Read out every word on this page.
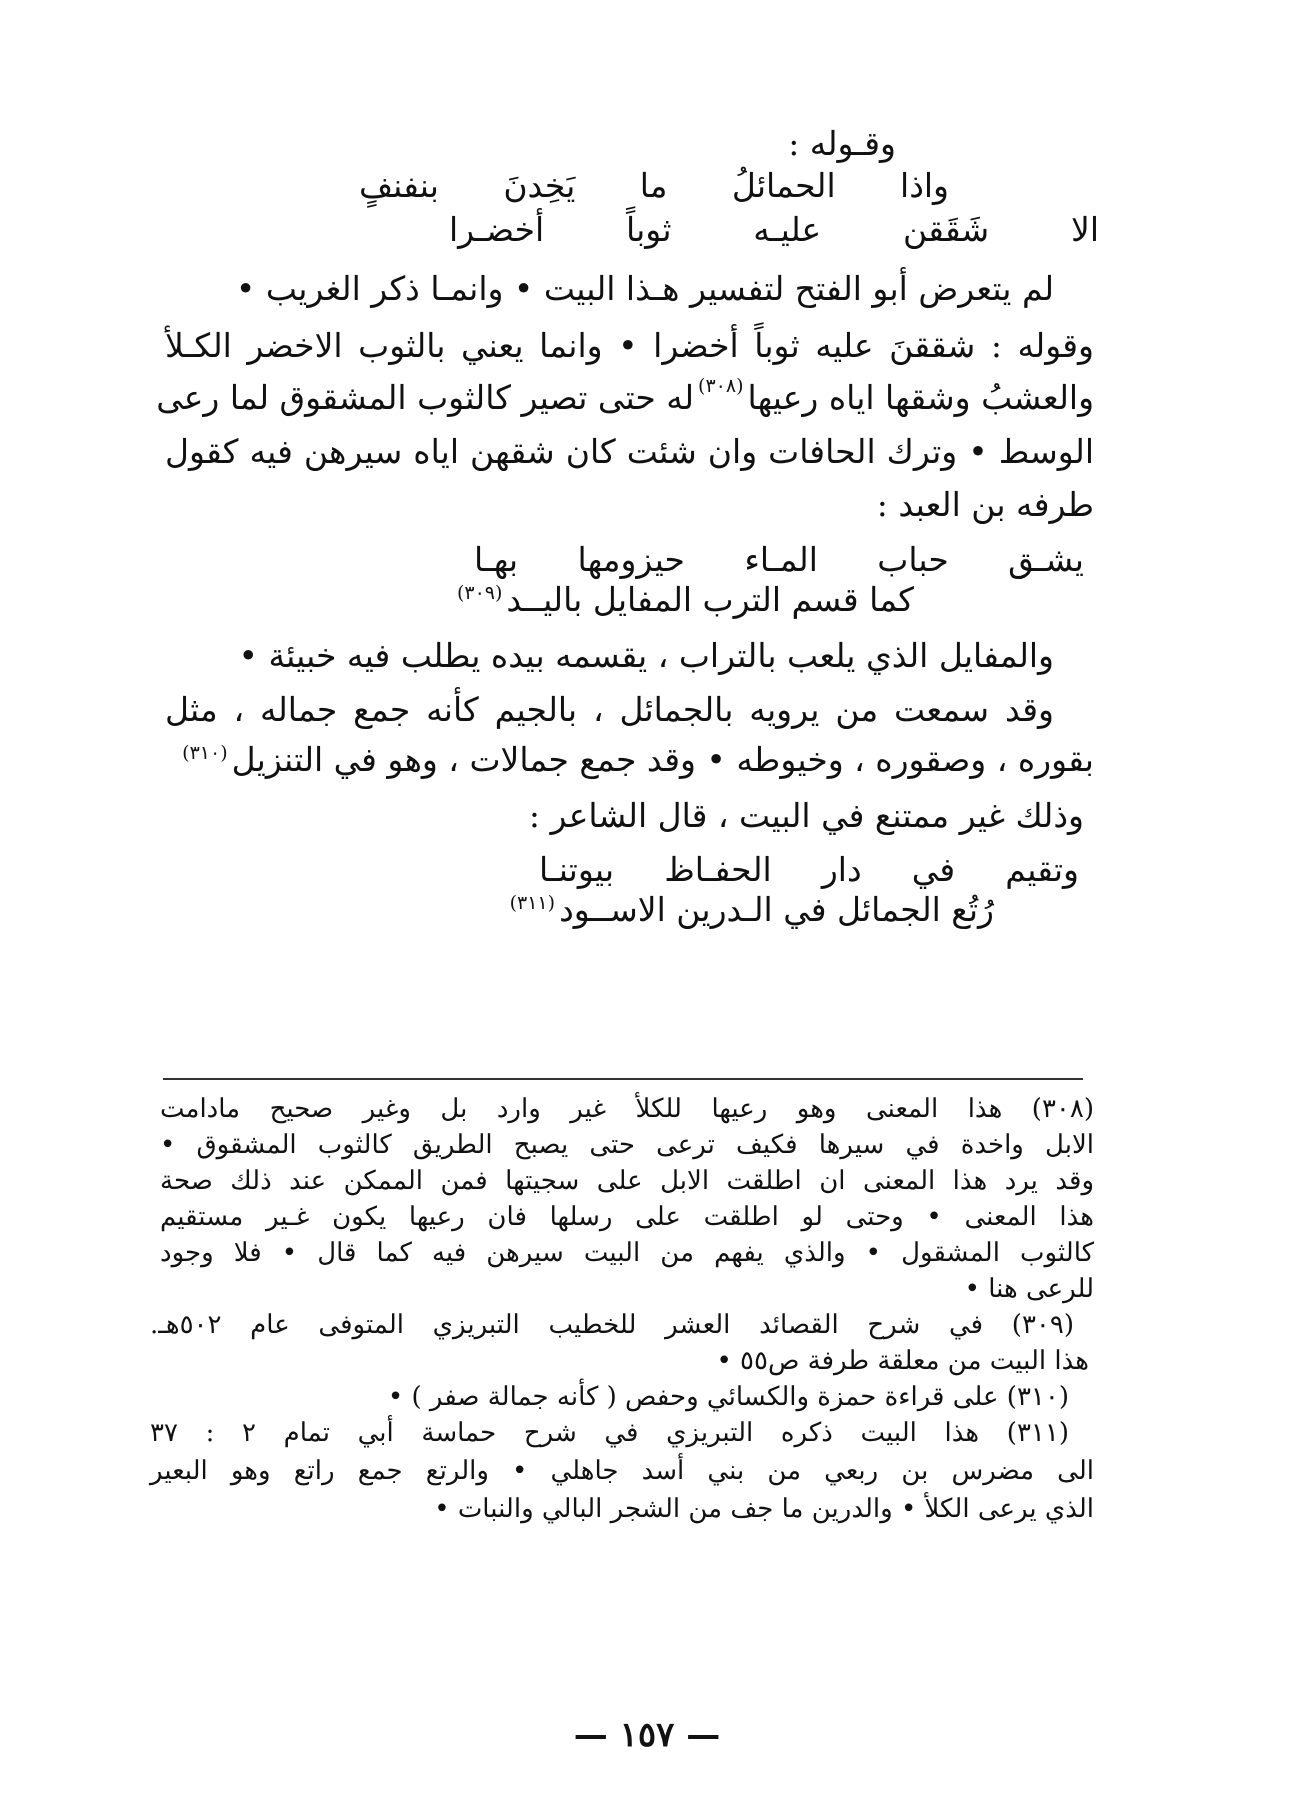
وقـوله :
واذا الحمائلُ ما يَخِدنَ بنفنفٍ
الا شَقَقن عليـه ثوباً أخضـرا
لم يتعرض أبو الفتح لتفسير هـذا البيت • وانمـا ذكر الغريب •
وقوله : شققنَ عليه ثوباً أخضرا • وانما يعني بالثوب الاخضر الكـلأ
والعشبُ وشقها اياه رعيها
(٣٠٨)
له حتى تصير كالثوب المشقوق لما رعى
الوسط • وترك الحافات وان شئت كان شقهن اياه سيرهن فيه كقول
طرفه بن العبد :
يشـق حباب المـاء حيزومها بهـا
كما قسم الترب المفايل باليــد$^{(٣٠٩)}$
والمفايل الذي يلعب بالتراب ، يقسمه بيده يطلب فيه خبيئة •
وقد سمعت من يرويه بالجمائل ، بالجيم كأنه جمع جماله ، مثل
بقوره ، وصقوره ، وخيوطه • وقد جمع جمالات ، وهو في التنزيل$^{(٣١٠)}$
وذلك غير ممتنع في البيت ، قال الشاعر :
وتقيم في دار الحفـاظ بيوتنـا
رُتُع الجمائل في الـدرين الاســود$^{(٣١١)}$
(٣٠٨) هذا المعنى وهو رعيها للكلأ غير وارد بل وغير صحيح مادامت
الابل واخدة في سيرها فكيف ترعى حتى يصبح الطريق كالثوب المشقوق •
وقد يرد هذا المعنى ان اطلقت الابل على سجيتها فمن الممكن عند ذلك صحة
هذا المعنى • وحتى لو اطلقت على رسلها فان رعيها يكون غـير مستقيم
كالثوب المشقول • والذي يفهم من البيت سيرهن فيه كما قال • فلا وجود
للرعى هنا •
(٣٠٩) في شرح القصائد العشر للخطيب التبريزي المتوفى عام ٥٠٢هـ.
هذا البيت من معلقة طرفة ص٥٥ •
(٣١٠) على قراءة حمزة والكسائي وحفص ( كأنه جمالة صفر ) •
(٣١١) هذا البيت ذكره التبريزي في شرح حماسة أبي تمام ٢ : ٣٧
الى مضرس بن ربعي من بني أسد جاهلي • والرتع جمع راتع وهو البعير
الذي يرعى الكلأ • والدرين ما جف من الشجر البالي والنبات •
— ١٥٧ —
